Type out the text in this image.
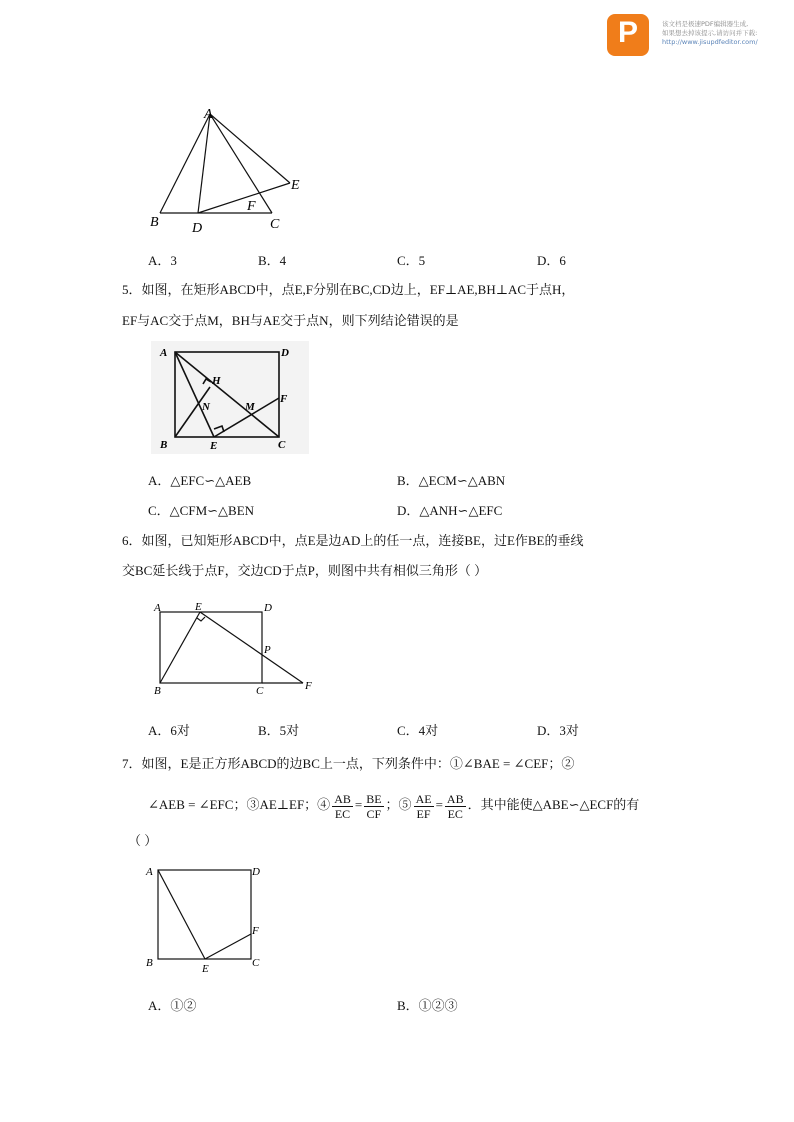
P	该文档是极速PDF编辑器生成,
如果想去掉该提示,请访问并下载:
http://www.jisupdfeditor.com/
A
B	C
D
E
F
A．3	B．4	C．5	D．6
5．如图，在矩形ABCD中，点E,F分别在BC,CD边上，EF⊥AE,BH⊥AC于点H，
EF与AC交于点M，BH与AE交于点N，则下列结论错误的是
A	D
B	C
E
F
H
N	M
A．△EFC∽△AEB	B．△ECM∽△ABN
C．△CFM∽△BEN	D．△ANH∽△EFC
6．如图，已知矩形ABCD中，点E是边AD上的任一点，连接BE，过E作BE的垂线
交BC延长线于点F，交边CD于点P，则图中共有相似三角形（ ）
A	E	D
P
B	C	F
A．6对	B．5对	C．4对	D．3对
7．如图，E是正方形ABCD的边BC上一点，下列条件中：①∠BAE = ∠CEF；②
∠AEB = ∠EFC；③AE⊥EF；④ $\frac{AB}{EC} = \frac{BE}{CF}$ ；⑤ $\frac{AE}{EF} = \frac{AB}{EC}$ ．其中能使△ABE∽△ECF的有
（ ）
A	D
B	E	C
F
A．①②	B．①②③
